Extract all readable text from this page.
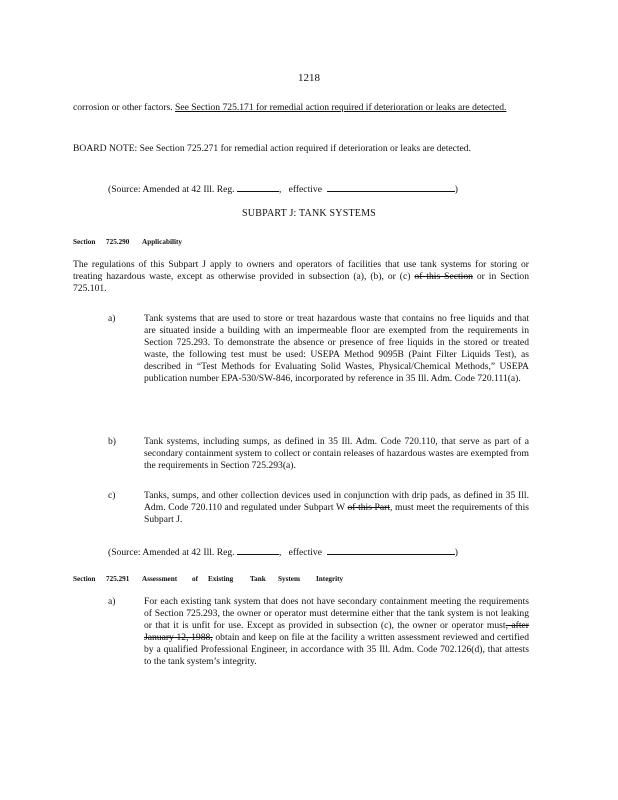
1218
corrosion or other factors. See Section 725.171 for remedial action required if deterioration or leaks are detected.
BOARD NOTE: See Section 725.271 for remedial action required if deterioration or leaks are detected.
(Source: Amended at 42 Ill. Reg.	, effective	)
SUBPART J: TANK SYSTEMS
Section 725.290 Applicability
The regulations of this Subpart J apply to owners and operators of facilities that use tank systems for storing or treating hazardous waste, except as otherwise provided in subsection (a), (b), or (c) of this Section or in Section 725.101.
a)	Tank systems that are used to store or treat hazardous waste that contains no free liquids and that are situated inside a building with an impermeable floor are exempted from the requirements in Section 725.293. To demonstrate the absence or presence of free liquids in the stored or treated waste, the following test must be used: USEPA Method 9095B (Paint Filter Liquids Test), as described in “Test Methods for Evaluating Solid Wastes, Physical/Chemical Methods,” USEPA publication number EPA-530/SW-846, incorporated by reference in 35 Ill. Adm. Code 720.111(a).
b)	Tank systems, including sumps, as defined in 35 Ill. Adm. Code 720.110, that serve as part of a secondary containment system to collect or contain releases of hazardous wastes are exempted from the requirements in Section 725.293(a).
c)	Tanks, sumps, and other collection devices used in conjunction with drip pads, as defined in 35 Ill. Adm. Code 720.110 and regulated under Subpart W of this Part, must meet the requirements of this Subpart J.
(Source: Amended at 42 Ill. Reg.	, effective	)
Section 725.291 Assessment of Existing Tank System Integrity
a)	For each existing tank system that does not have secondary containment meeting the requirements of Section 725.293, the owner or operator must determine either that the tank system is not leaking or that it is unfit for use. Except as provided in subsection (c), the owner or operator must, after January 12, 1988, obtain and keep on file at the facility a written assessment reviewed and certified by a qualified Professional Engineer, in accordance with 35 Ill. Adm. Code 702.126(d), that attests to the tank system’s integrity.
